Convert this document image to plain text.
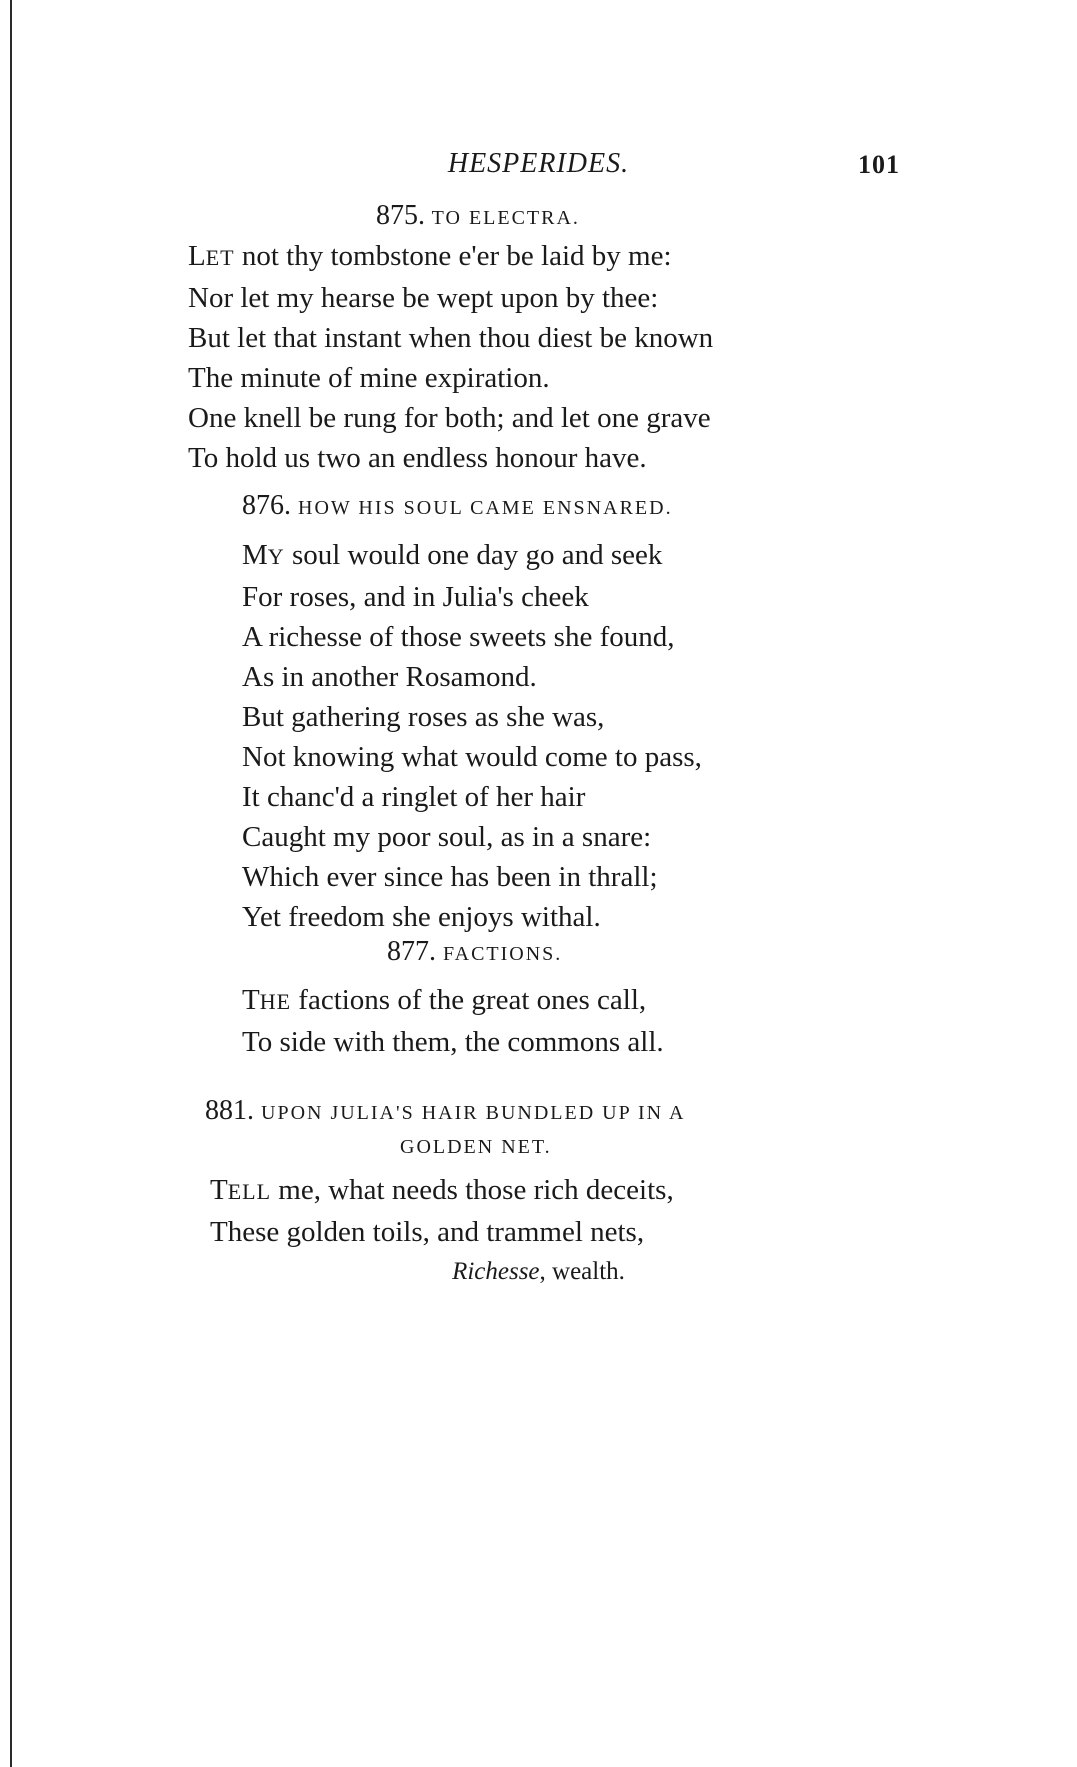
HESPERIDES.	101
875. TO ELECTRA.
LET not thy tombstone e'er be laid by me:
Nor let my hearse be wept upon by thee:
But let that instant when thou diest be known
The minute of mine expiration.
One knell be rung for both; and let one grave
To hold us two an endless honour have.
876. HOW HIS SOUL CAME ENSNARED.
MY soul would one day go and seek
For roses, and in Julia's cheek
A richesse of those sweets she found,
As in another Rosamond.
But gathering roses as she was,
Not knowing what would come to pass,
It chanc'd a ringlet of her hair
Caught my poor soul, as in a snare:
Which ever since has been in thrall;
Yet freedom she enjoys withal.
877. FACTIONS.
THE factions of the great ones call,
To side with them, the commons all.
881. UPON JULIA'S HAIR BUNDLED UP IN A
GOLDEN NET.
TELL me, what needs those rich deceits,
These golden toils, and trammel nets,
Richesse, wealth.
